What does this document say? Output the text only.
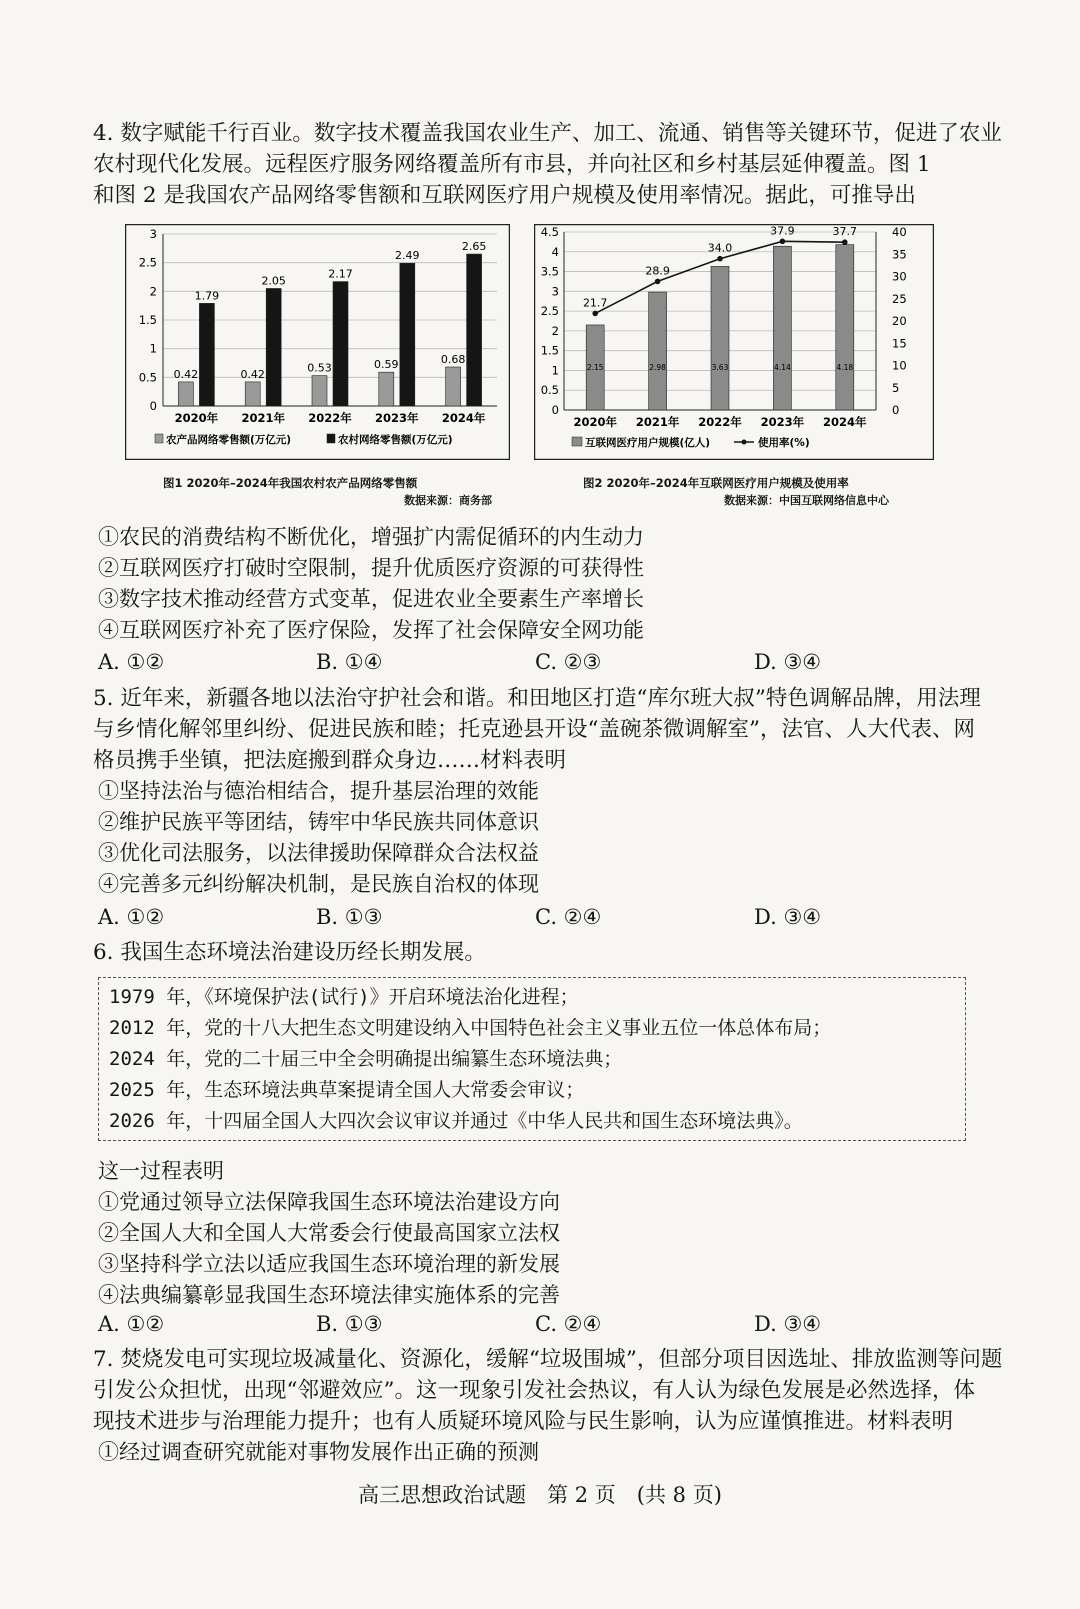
4. 数字赋能千行百业。数字技术覆盖我国农业生产、加工、流通、销售等关键环节，促进了农业

农村现代化发展。远程医疗服务网络覆盖所有市县，并向社区和乡村基层延伸覆盖。图 1

和图 2 是我国农产品网络零售额和互联网医疗用户规模及使用率情况。据此，可推导出

0
0.5
1
1.5
2
2.5
3
0.42
1.79
2020年
0.42
2.05
2021年
0.53
2.17
2022年
0.59
2.49
2023年
0.68
2.65
2024年
农产品网络零售额(万亿元)	农村网络零售额(万亿元)
图1 2020年–2024年我国农村农产品网络零售额
数据来源：商务部
0
0.5
1
1.5
2
2.5
3
3.5
4
4.5
0
5
10
15
20
25
30
35
40
2.15
2020年
2.98
2021年
3.63
2022年
4.14
2023年
4.18
2024年
21.7
28.9
34.0
37.9	37.7
互联网医疗用户规模(亿人)	使用率(%)
图2 2020年–2024年互联网医疗用户规模及使用率
数据来源：中国互联网络信息中心

①农民的消费结构不断优化，增强扩内需促循环的内生动力

②互联网医疗打破时空限制，提升优质医疗资源的可获得性

③数字技术推动经营方式变革，促进农业全要素生产率增长

④互联网医疗补充了医疗保险，发挥了社会保障安全网功能

A. ①②	B. ①④	C. ②③	D. ③④

5. 近年来，新疆各地以法治守护社会和谐。和田地区打造“库尔班大叔”特色调解品牌，用法理

与乡情化解邻里纠纷、促进民族和睦；托克逊县开设“盖碗茶微调解室”，法官、人大代表、网

格员携手坐镇，把法庭搬到群众身边……材料表明

①坚持法治与德治相结合，提升基层治理的效能

②维护民族平等团结，铸牢中华民族共同体意识

③优化司法服务，以法律援助保障群众合法权益

④完善多元纠纷解决机制，是民族自治权的体现

A. ①②	B. ①③	C. ②④	D. ③④

6. 我国生态环境法治建设历经长期发展。

1979 年，《环境保护法(试行)》开启环境法治化进程；

2012 年，党的十八大把生态文明建设纳入中国特色社会主义事业五位一体总体布局；

2024 年，党的二十届三中全会明确提出编纂生态环境法典；

2025 年，生态环境法典草案提请全国人大常委会审议；

2026 年，十四届全国人大四次会议审议并通过《中华人民共和国生态环境法典》。

这一过程表明

①党通过领导立法保障我国生态环境法治建设方向

②全国人大和全国人大常委会行使最高国家立法权

③坚持科学立法以适应我国生态环境治理的新发展

④法典编纂彰显我国生态环境法律实施体系的完善

A. ①②	B. ①③	C. ②④	D. ③④

7. 焚烧发电可实现垃圾减量化、资源化，缓解“垃圾围城”，但部分项目因选址、排放监测等问题

引发公众担忧，出现“邻避效应”。这一现象引发社会热议，有人认为绿色发展是必然选择，体

现技术进步与治理能力提升；也有人质疑环境风险与民生影响，认为应谨慎推进。材料表明

①经过调查研究就能对事物发展作出正确的预测

高三思想政治试题　第 2 页　(共 8 页)
